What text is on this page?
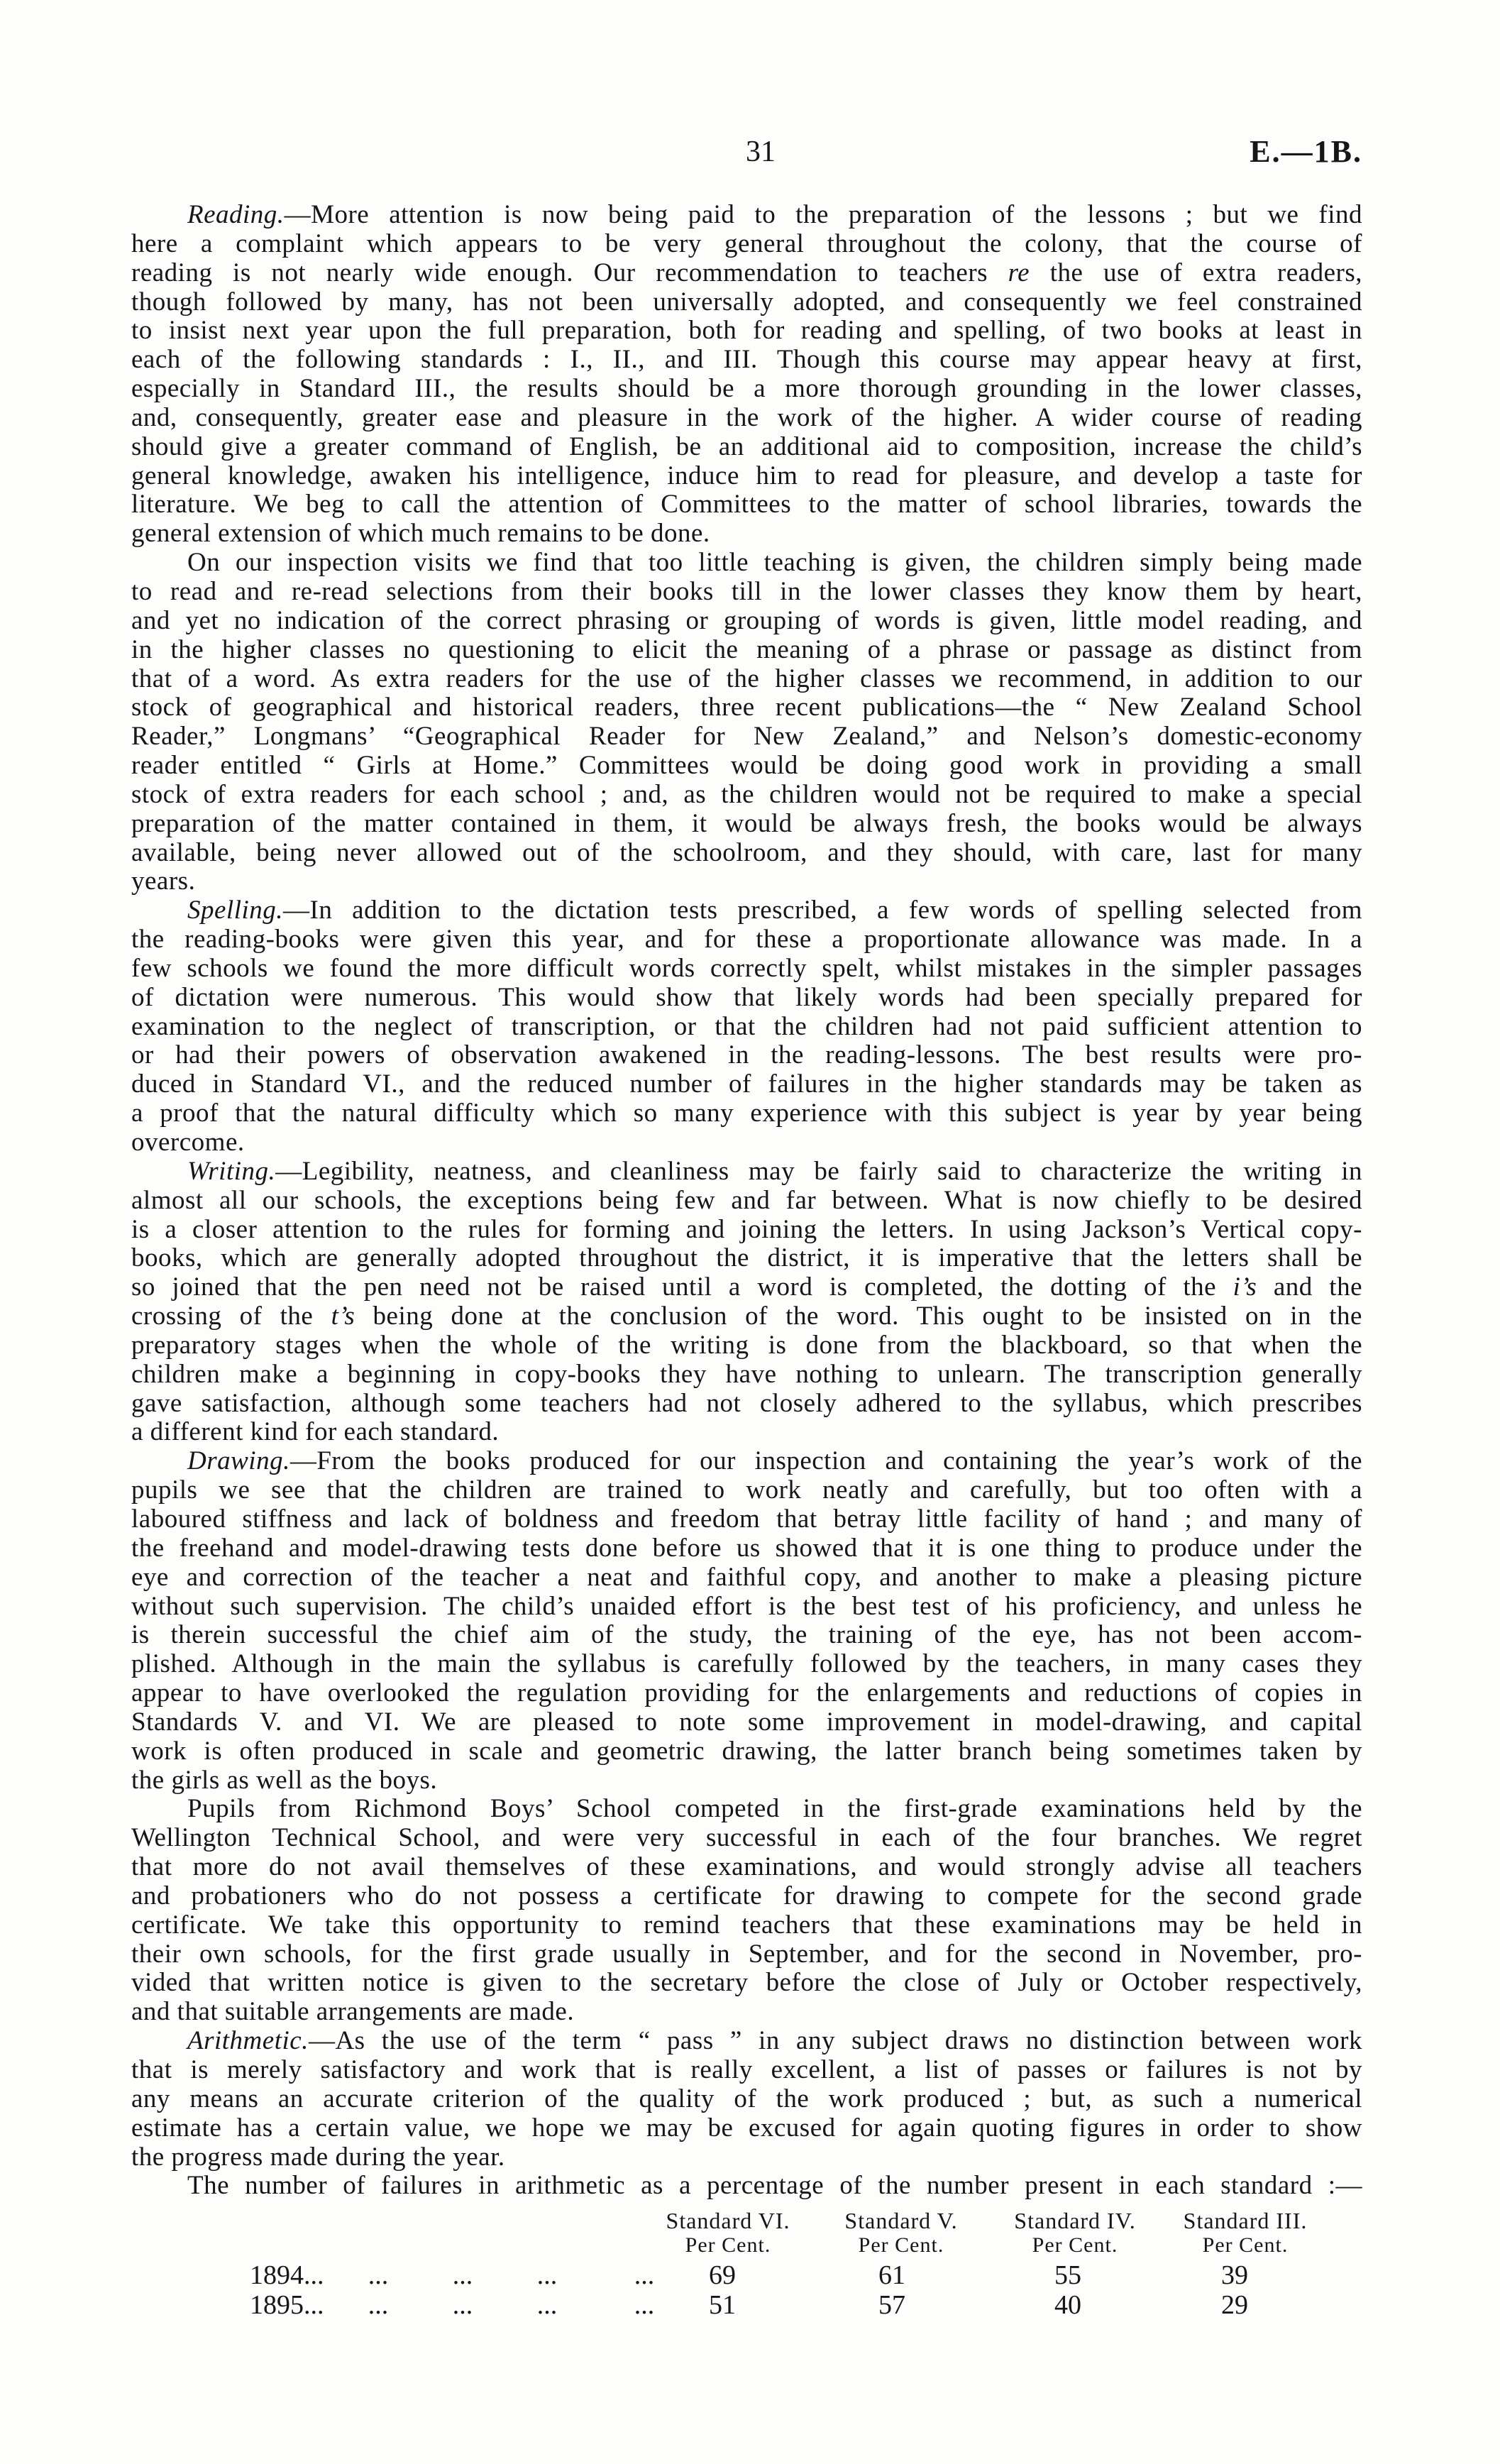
31	E.—1B.
Reading.—More attention is now being paid to the preparation of the lessons ; but we find
here a complaint which appears to be very general throughout the colony, that the course of
reading is not nearly wide enough. Our recommendation to teachers re the use of extra readers,
though followed by many, has not been universally adopted, and consequently we feel constrained
to insist next year upon the full preparation, both for reading and spelling, of two books at least in
each of the following standards : I., II., and III. Though this course may appear heavy at first,
especially in Standard III., the results should be a more thorough grounding in the lower classes,
and, consequently, greater ease and pleasure in the work of the higher. A wider course of reading
should give a greater command of English, be an additional aid to composition, increase the child’s
general knowledge, awaken his intelligence, induce him to read for pleasure, and develop a taste for
literature. We beg to call the attention of Committees to the matter of school libraries, towards the
general extension of which much remains to be done.
On our inspection visits we find that too little teaching is given, the children simply being made
to read and re-read selections from their books till in the lower classes they know them by heart,
and yet no indication of the correct phrasing or grouping of words is given, little model reading, and
in the higher classes no questioning to elicit the meaning of a phrase or passage as distinct from
that of a word. As extra readers for the use of the higher classes we recommend, in addition to our
stock of geographical and historical readers, three recent publications—the “ New Zealand School
Reader,” Longmans’ “Geographical Reader for New Zealand,” and Nelson’s domestic-economy
reader entitled “ Girls at Home.” Committees would be doing good work in providing a small
stock of extra readers for each school ; and, as the children would not be required to make a special
preparation of the matter contained in them, it would be always fresh, the books would be always
available, being never allowed out of the schoolroom, and they should, with care, last for many
years.
Spelling.—In addition to the dictation tests prescribed, a few words of spelling selected from
the reading-books were given this year, and for these a proportionate allowance was made. In a
few schools we found the more difficult words correctly spelt, whilst mistakes in the simpler passages
of dictation were numerous. This would show that likely words had been specially prepared for
examination to the neglect of transcription, or that the children had not paid sufficient attention to
or had their powers of observation awakened in the reading-lessons. The best results were pro-
duced in Standard VI., and the reduced number of failures in the higher standards may be taken as
a proof that the natural difficulty which so many experience with this subject is year by year being
overcome.
Writing.—Legibility, neatness, and cleanliness may be fairly said to characterize the writing in
almost all our schools, the exceptions being few and far between. What is now chiefly to be desired
is a closer attention to the rules for forming and joining the letters. In using Jackson’s Vertical copy-
books, which are generally adopted throughout the district, it is imperative that the letters shall be
so joined that the pen need not be raised until a word is completed, the dotting of the i’s and the
crossing of the t’s being done at the conclusion of the word. This ought to be insisted on in the
preparatory stages when the whole of the writing is done from the blackboard, so that when the
children make a beginning in copy-books they have nothing to unlearn. The transcription generally
gave satisfaction, although some teachers had not closely adhered to the syllabus, which prescribes
a different kind for each standard.
Drawing.—From the books produced for our inspection and containing the year’s work of the
pupils we see that the children are trained to work neatly and carefully, but too often with a
laboured stiffness and lack of boldness and freedom that betray little facility of hand ; and many of
the freehand and model-drawing tests done before us showed that it is one thing to produce under the
eye and correction of the teacher a neat and faithful copy, and another to make a pleasing picture
without such supervision. The child’s unaided effort is the best test of his proficiency, and unless he
is therein successful the chief aim of the study, the training of the eye, has not been accom-
plished. Although in the main the syllabus is carefully followed by the teachers, in many cases they
appear to have overlooked the regulation providing for the enlargements and reductions of copies in
Standards V. and VI. We are pleased to note some improvement in model-drawing, and capital
work is often produced in scale and geometric drawing, the latter branch being sometimes taken by
the girls as well as the boys.
Pupils from Richmond Boys’ School competed in the first-grade examinations held by the
Wellington Technical School, and were very successful in each of the four branches. We regret
that more do not avail themselves of these examinations, and would strongly advise all teachers
and probationers who do not possess a certificate for drawing to compete for the second grade
certificate. We take this opportunity to remind teachers that these examinations may be held in
their own schools, for the first grade usually in September, and for the second in November, pro-
vided that written notice is given to the secretary before the close of July or October respectively,
and that suitable arrangements are made.
Arithmetic.—As the use of the term “ pass ” in any subject draws no distinction between work
that is merely satisfactory and work that is really excellent, a list of passes or failures is not by
any means an accurate criterion of the quality of the work produced ; but, as such a numerical
estimate has a certain value, we hope we may be excused for again quoting figures in order to show
the progress made during the year.
The number of failures in arithmetic as a percentage of the number present in each standard :—
Standard VI.	Standard V.	Standard IV.	Standard III.
Per Cent.	Per Cent.	Per Cent.	Per Cent.
1894... ... ... ...	...	69	61	55	39
1895... ... ... ...	...	51	57	40	29
